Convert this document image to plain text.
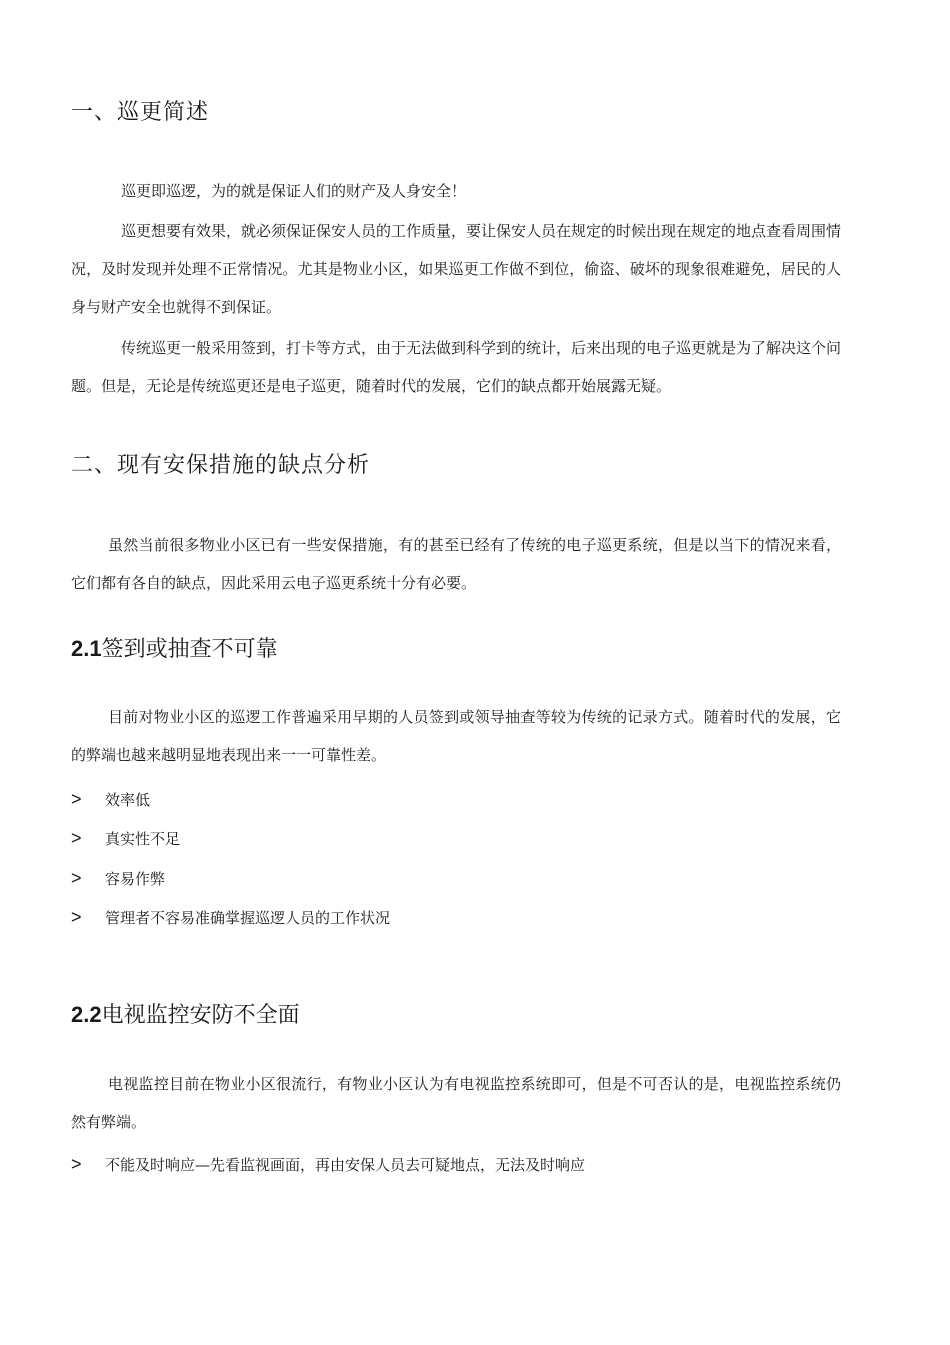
一、巡更简述

巡更即巡逻，为的就是保证人们的财产及人身安全！

巡更想要有效果，就必须保证保安人员的工作质量，要让保安人员在规定的时候出现在规定的地点查看周围情况，及时发现并处理不正常情况。尤其是物业小区，如果巡更工作做不到位，偷盗、破坏的现象很难避免，居民的人身与财产安全也就得不到保证。

传统巡更一般采用签到，打卡等方式，由于无法做到科学到的统计，后来出现的电子巡更就是为了解决这个问题。但是，无论是传统巡更还是电子巡更，随着时代的发展，它们的缺点都开始展露无疑。

二、现有安保措施的缺点分析

虽然当前很多物业小区已有一些安保措施，有的甚至已经有了传统的电子巡更系统，但是以当下的情况来看，它们都有各自的缺点，因此采用云电子巡更系统十分有必要。

2.1签到或抽查不可靠

目前对物业小区的巡逻工作普遍采用早期的人员签到或领导抽查等较为传统的记录方式。随着时代的发展，它的弊端也越来越明显地表现出来一一可靠性差。

> 效率低
> 真实性不足
> 容易作弊
> 管理者不容易准确掌握巡逻人员的工作状况
2.2电视监控安防不全面

电视监控目前在物业小区很流行，有物业小区认为有电视监控系统即可，但是不可否认的是，电视监控系统仍然有弊端。

> 不能及时响应—先看监视画面，再由安保人员去可疑地点，无法及时响应
